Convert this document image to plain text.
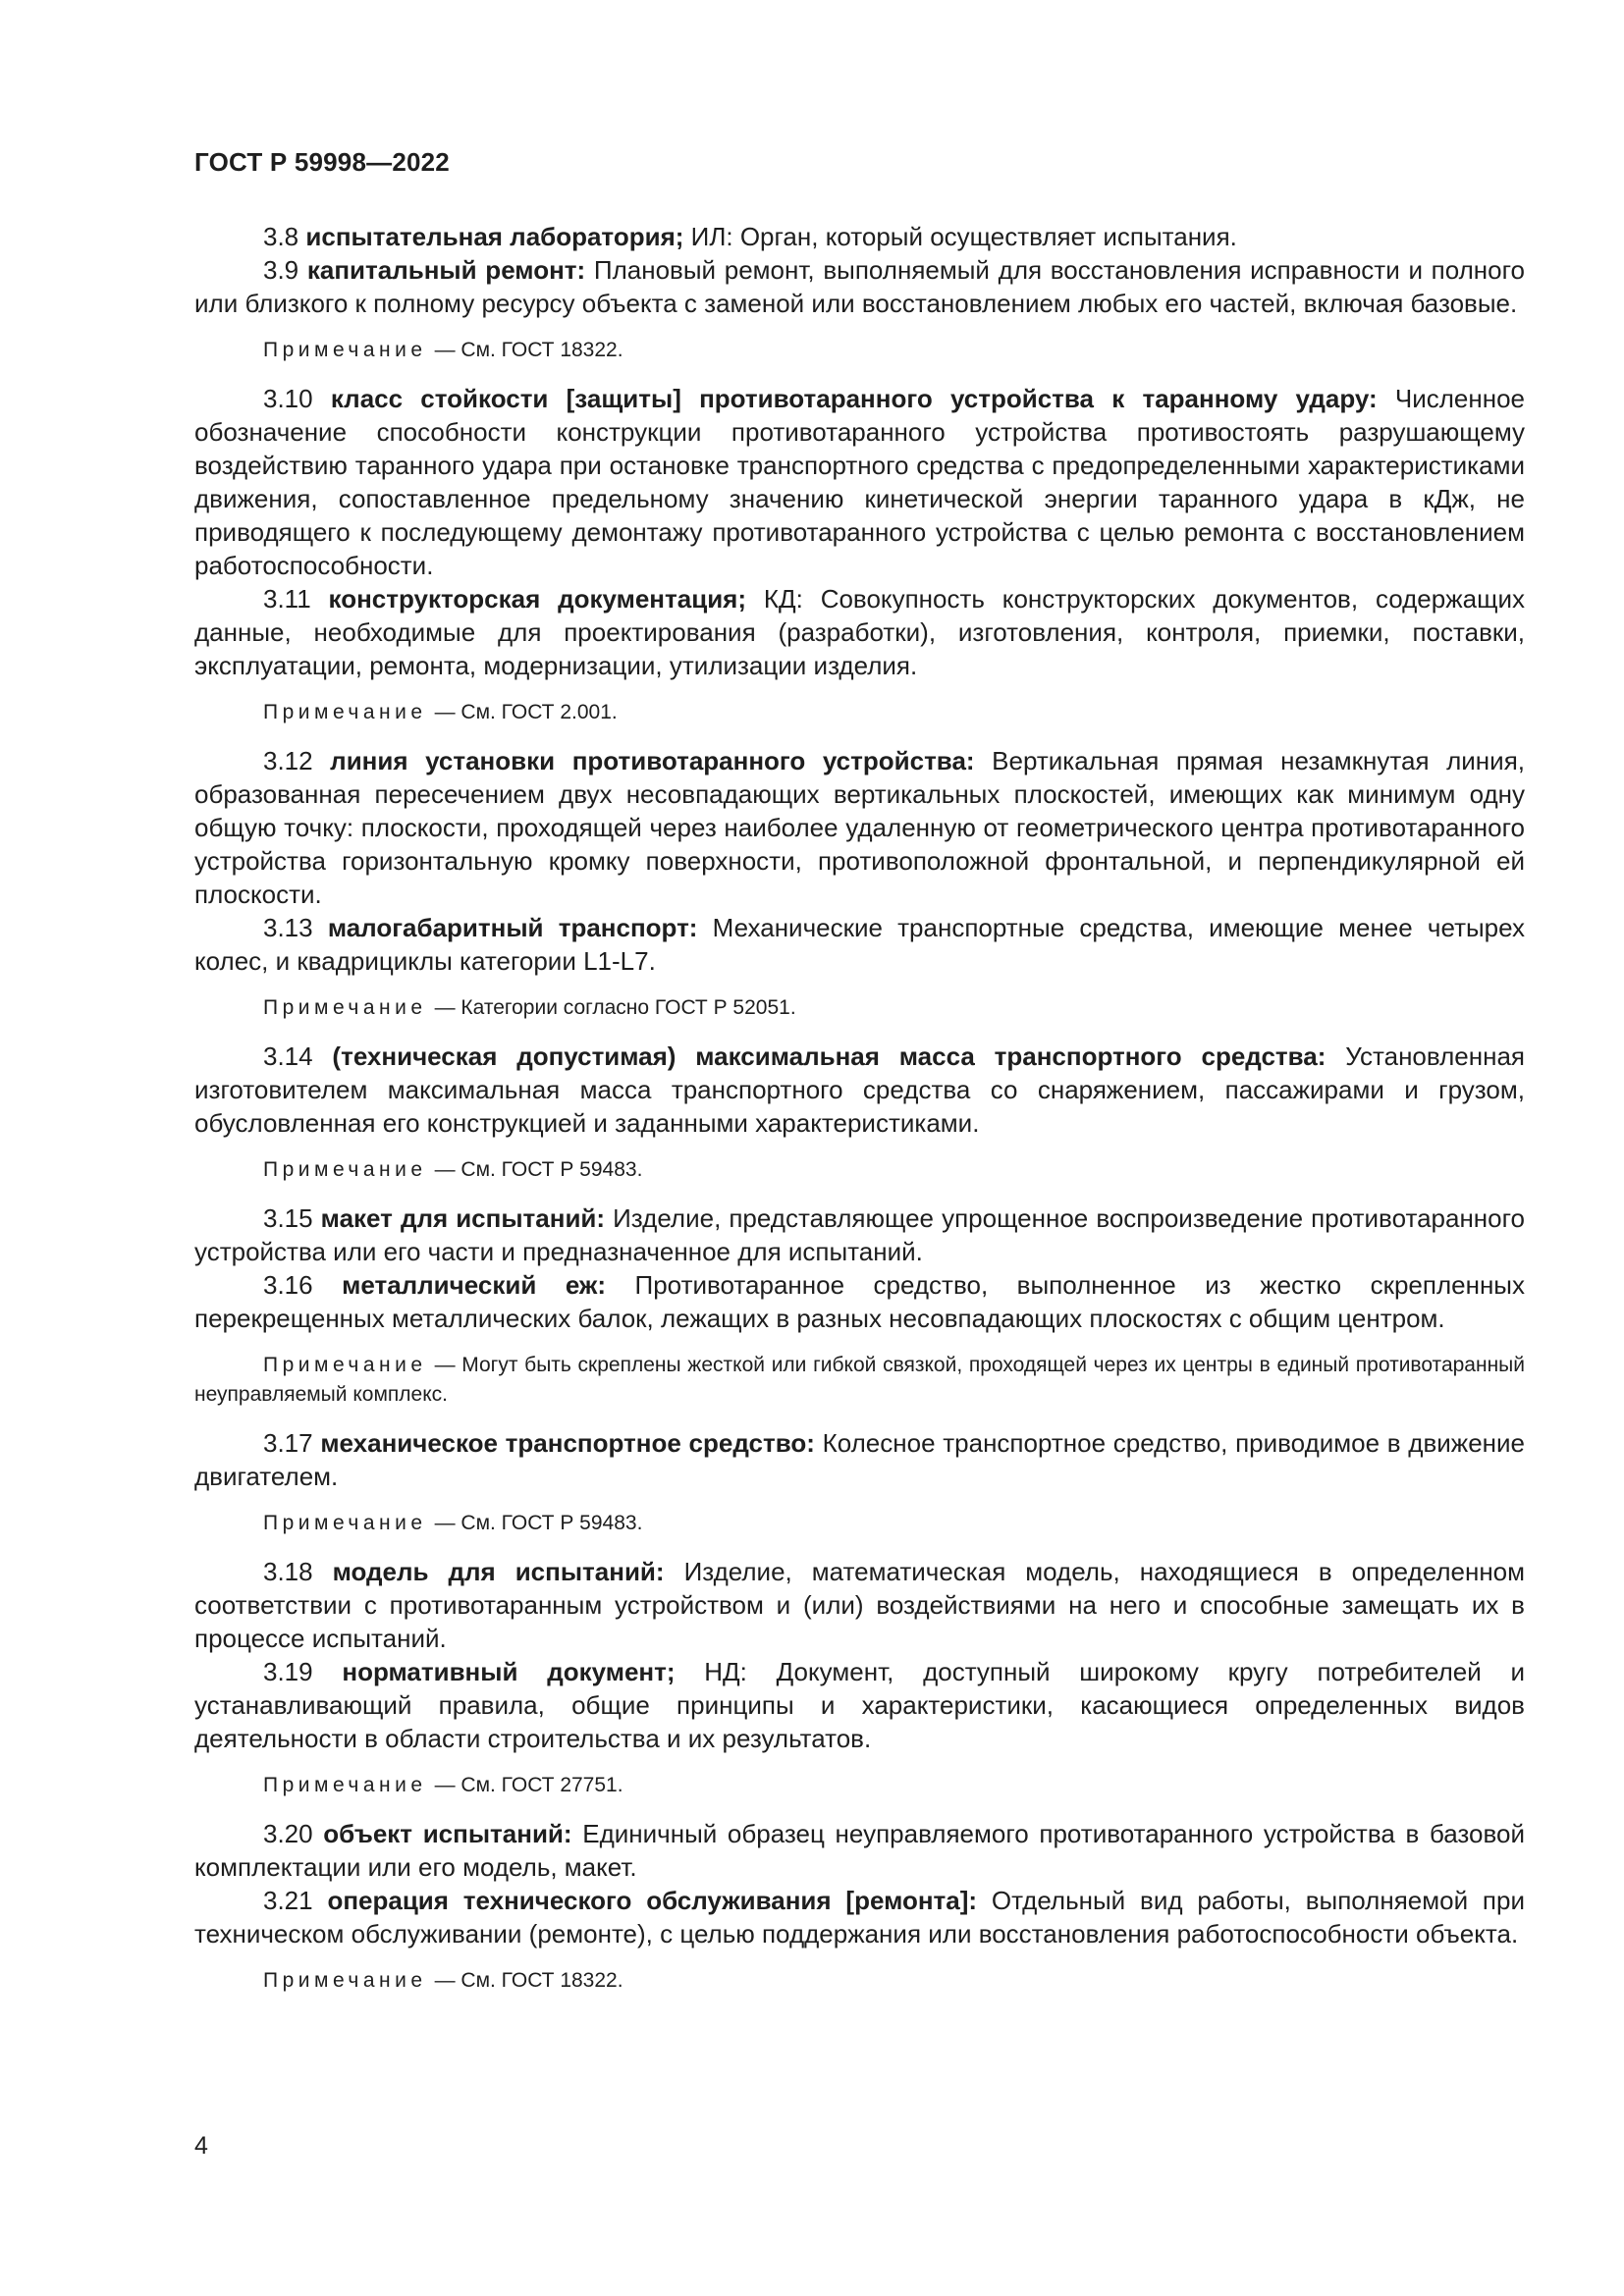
ГОСТ Р 59998—2022

3.8 испытательная лаборатория; ИЛ: Орган, который осуществляет испытания.

3.9 капитальный ремонт: Плановый ремонт, выполняемый для восстановления исправности и полного или близкого к полному ресурсу объекта с заменой или восстановлением любых его частей, включая базовые.

Примечание — См. ГОСТ 18322.

3.10 класс стойкости [защиты] противотаранного устройства к таранному удару: Численное обозначение способности конструкции противотаранного устройства противостоять разрушающему воздействию таранного удара при остановке транспортного средства с предопределенными характеристиками движения, сопоставленное предельному значению кинетической энергии таранного удара в кДж, не приводящего к последующему демонтажу противотаранного устройства с целью ремонта с восстановлением работоспособности.

3.11 конструкторская документация; КД: Совокупность конструкторских документов, содержащих данные, необходимые для проектирования (разработки), изготовления, контроля, приемки, поставки, эксплуатации, ремонта, модернизации, утилизации изделия.

Примечание — См. ГОСТ 2.001.

3.12 линия установки противотаранного устройства: Вертикальная прямая незамкнутая линия, образованная пересечением двух несовпадающих вертикальных плоскостей, имеющих как минимум одну общую точку: плоскости, проходящей через наиболее удаленную от геометрического центра противотаранного устройства горизонтальную кромку поверхности, противоположной фронтальной, и перпендикулярной ей плоскости.

3.13 малогабаритный транспорт: Механические транспортные средства, имеющие менее четырех колес, и квадрициклы категории L1-L7.

Примечание — Категории согласно ГОСТ Р 52051.

3.14 (техническая допустимая) максимальная масса транспортного средства: Установленная изготовителем максимальная масса транспортного средства со снаряжением, пассажирами и грузом, обусловленная его конструкцией и заданными характеристиками.

Примечание — См. ГОСТ Р 59483.

3.15 макет для испытаний: Изделие, представляющее упрощенное воспроизведение противотаранного устройства или его части и предназначенное для испытаний.

3.16 металлический еж: Противотаранное средство, выполненное из жестко скрепленных перекрещенных металлических балок, лежащих в разных несовпадающих плоскостях с общим центром.

Примечание — Могут быть скреплены жесткой или гибкой связкой, проходящей через их центры в единый противотаранный неуправляемый комплекс.

3.17 механическое транспортное средство: Колесное транспортное средство, приводимое в движение двигателем.

Примечание — См. ГОСТ Р 59483.

3.18 модель для испытаний: Изделие, математическая модель, находящиеся в определенном соответствии с противотаранным устройством и (или) воздействиями на него и способные замещать их в процессе испытаний.

3.19 нормативный документ; НД: Документ, доступный широкому кругу потребителей и устанавливающий правила, общие принципы и характеристики, касающиеся определенных видов деятельности в области строительства и их результатов.

Примечание — См. ГОСТ 27751.

3.20 объект испытаний: Единичный образец неуправляемого противотаранного устройства в базовой комплектации или его модель, макет.

3.21 операция технического обслуживания [ремонта]: Отдельный вид работы, выполняемой при техническом обслуживании (ремонте), с целью поддержания или восстановления работоспособности объекта.

Примечание — См. ГОСТ 18322.

4
